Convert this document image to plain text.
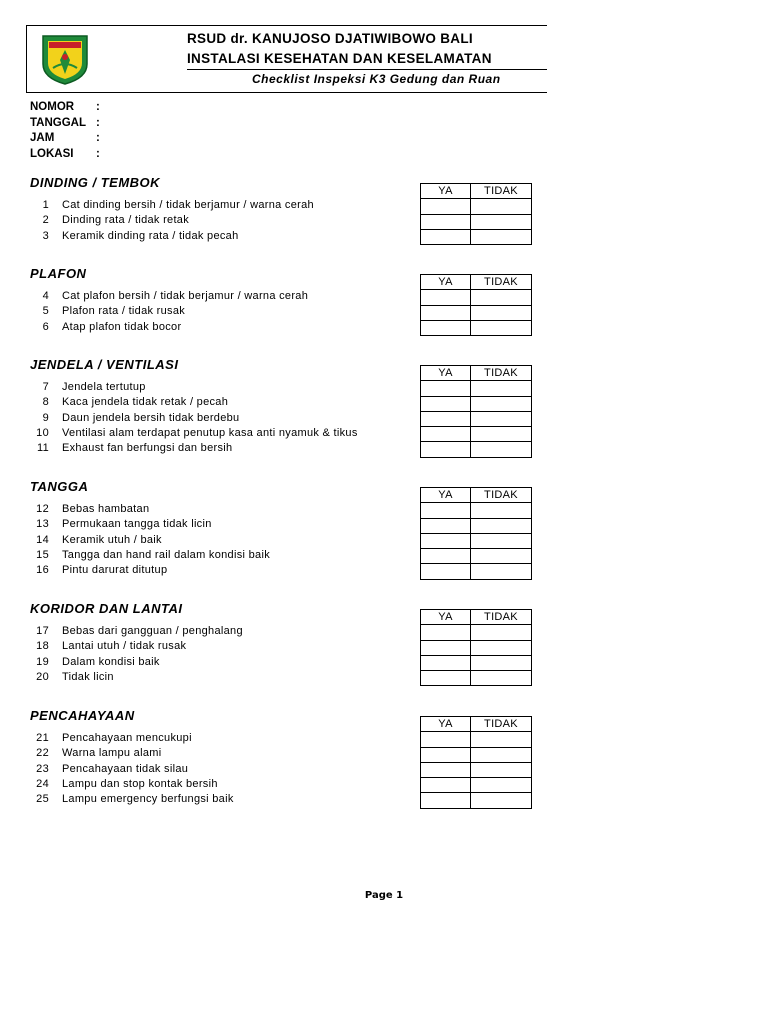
RSUD dr. KANUJOSO DJATIWIBOWO BALI
INSTALASI KESEHATAN DAN KESELAMATAN
Checklist Inspeksi K3 Gedung dan Ruan
NOMOR :
TANGGAL :
JAM	:
LOKASI :
DINDING / TEMBOK
1 Cat dinding bersih / tidak berjamur / warna cerah
2 Dinding rata / tidak retak
3 Keramik dinding rata / tidak pecah
YA	TIDAK

PLAFON
4 Cat plafon bersih / tidak berjamur / warna cerah
5 Plafon rata / tidak rusak
6 Atap plafon tidak bocor
YA	TIDAK

JENDELA / VENTILASI
7 Jendela tertutup
8 Kaca jendela tidak retak / pecah
9 Daun jendela bersih tidak berdebu
10 Ventilasi alam terdapat penutup kasa anti nyamuk & tikus
11 Exhaust fan berfungsi dan bersih
YA	TIDAK

TANGGA
12 Bebas hambatan
13 Permukaan tangga tidak licin
14 Keramik utuh / baik
15 Tangga dan hand rail dalam kondisi baik
16 Pintu darurat ditutup
YA	TIDAK

KORIDOR DAN LANTAI
17 Bebas dari gangguan / penghalang
18 Lantai utuh / tidak rusak
19 Dalam kondisi baik
20 Tidak licin
YA	TIDAK

PENCAHAYAAN
21 Pencahayaan mencukupi
22 Warna lampu alami
23 Pencahayaan tidak silau
24 Lampu dan stop kontak bersih
25 Lampu emergency berfungsi baik
YA	TIDAK

Page 1
